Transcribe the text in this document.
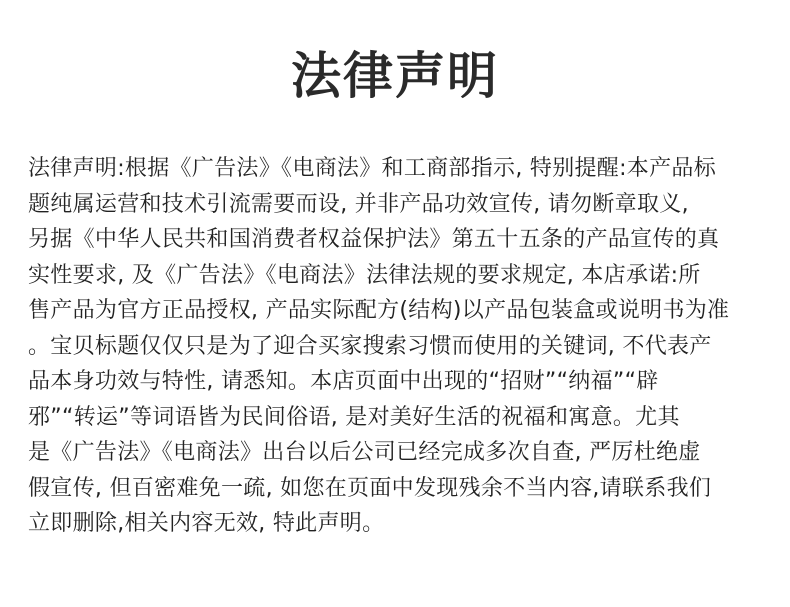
法律声明
法律声明:根据《广告法》《电商法》和工商部指示, 特别提醒:本产品标
题纯属运营和技术引流需要而设, 并非产品功效宣传, 请勿断章取义,
另据《中华人民共和国消费者权益保护法》第五十五条的产品宣传的真
实性要求, 及《广告法》《电商法》法律法规的要求规定, 本店承诺:所
售产品为官方正品授权, 产品实际配方(结构)以产品包装盒或说明书为准
。宝贝标题仅仅只是为了迎合买家搜索习惯而使用的关键词, 不代表产
品本身功效与特性, 请悉知。本店页面中出现的“招财”“纳福”“辟
邪”“转运”等词语皆为民间俗语, 是对美好生活的祝福和寓意。尤其
是《广告法》《电商法》出台以后公司已经完成多次自查, 严厉杜绝虚
假宣传, 但百密难免一疏, 如您在页面中发现残余不当内容,请联系我们
立即删除,相关内容无效, 特此声明。
